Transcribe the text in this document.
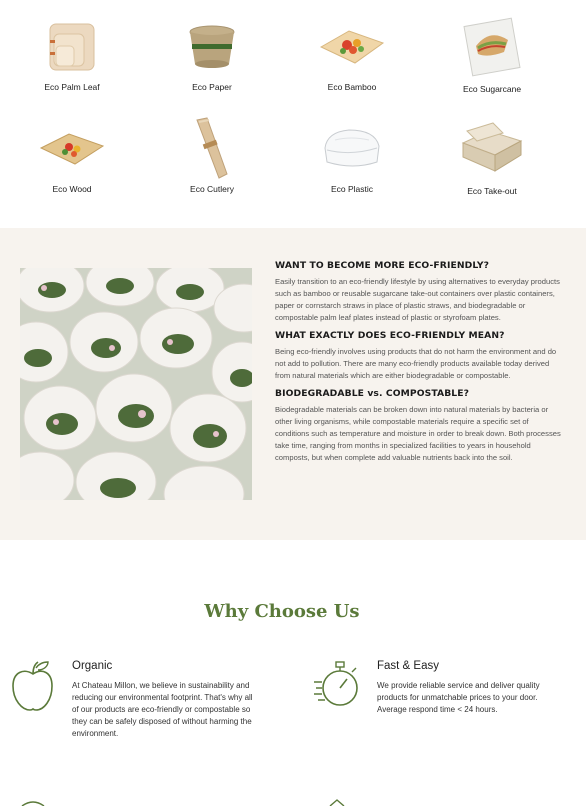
Eco Palm Leaf	Eco Paper	Eco Bamboo	Eco Sugarcane
Eco Wood	Eco Cutlery	Eco Plastic	Eco Take-out
WANT TO BECOME MORE ECO-FRIENDLY?

Easily transition to an eco-friendly lifestyle by using alternatives to everyday products such as bamboo or reusable sugarcane take-out containers over plastic containers, paper or cornstarch straws in place of plastic straws, and biodegradable or compostable palm leaf plates instead of plastic or styrofoam plates.

WHAT EXACTLY DOES ECO-FRIENDLY MEAN?

Being eco-friendly involves using products that do not harm the environment and do not add to pollution. There are many eco-friendly products available today derived from natural materials which are either biodegradable or compostable.

BIODEGRADABLE vs. COMPOSTABLE?

Biodegradable materials can be broken down into natural materials by bacteria or other living organisms, while compostable materials require a specific set of conditions such as temperature and moisture in order to break down. Both processes take time, ranging from months in specialized facilities to years in household composts, but when complete add valuable nutrients back into the soil.

Why Choose Us
Organic

At Chateau Millon, we believe in sustainability and reducing our environmental footprint. That's why all of our products are eco-friendly or compostable so they can be safely disposed of without harming the environment.

Fast & Easy

We provide reliable service and deliver quality products for unmatchable prices to your door. Average respond time < 24 hours.
